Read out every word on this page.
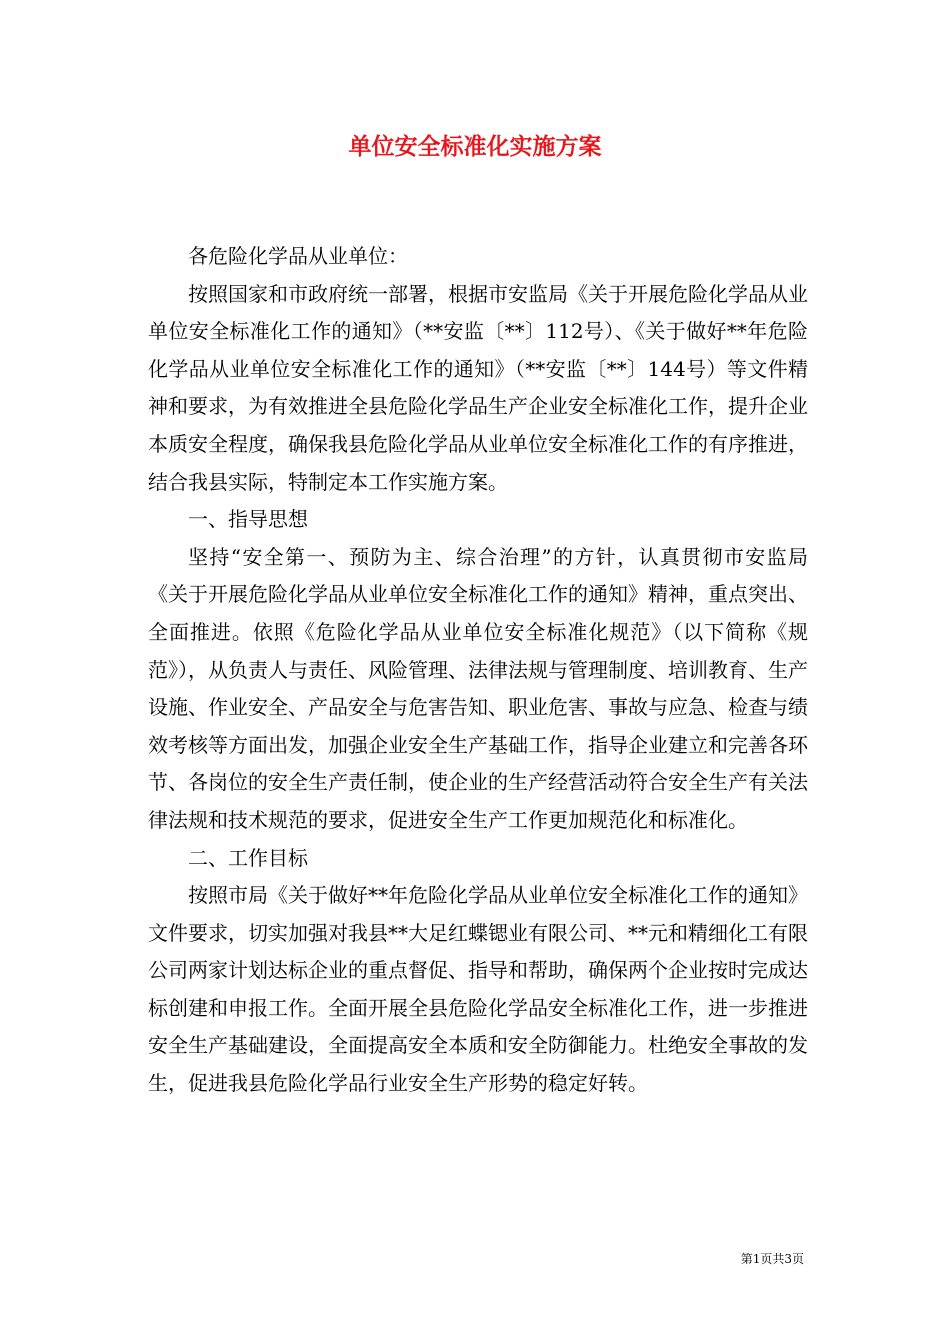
单位安全标准化实施方案

各危险化学品从业单位：

按照国家和市政府统一部署，根据市安监局《关于开展危险化学品从业单位安全标准化工作的通知》（**安监〔**〕112号）、《关于做好**年危险化学品从业单位安全标准化工作的通知》（**安监〔**〕144号）等文件精神和要求，为有效推进全县危险化学品生产企业安全标准化工作，提升企业本质安全程度，确保我县危险化学品从业单位安全标准化工作的有序推进，结合我县实际，特制定本工作实施方案。

一、指导思想

坚持“安全第一、预防为主、综合治理”的方针，认真贯彻市安监局《关于开展危险化学品从业单位安全标准化工作的通知》精神，重点突出、全面推进。依照《危险化学品从业单位安全标准化规范》（以下简称《规范》），从负责人与责任、风险管理、法律法规与管理制度、培训教育、生产设施、作业安全、产品安全与危害告知、职业危害、事故与应急、检查与绩效考核等方面出发，加强企业安全生产基础工作，指导企业建立和完善各环节、各岗位的安全生产责任制，使企业的生产经营活动符合安全生产有关法律法规和技术规范的要求，促进安全生产工作更加规范化和标准化。

二、工作目标

按照市局《关于做好**年危险化学品从业单位安全标准化工作的通知》文件要求，切实加强对我县**大足红蝶锶业有限公司、**元和精细化工有限公司两家计划达标企业的重点督促、指导和帮助，确保两个企业按时完成达标创建和申报工作。全面开展全县危险化学品安全标准化工作，进一步推进安全生产基础建设，全面提高安全本质和安全防御能力。杜绝安全事故的发生，促进我县危险化学品行业安全生产形势的稳定好转。

第1页共3页
